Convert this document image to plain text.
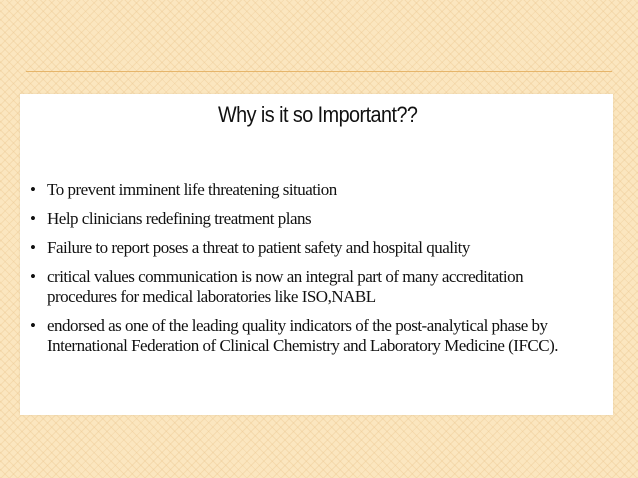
Why is it so Important??
• To prevent imminent life threatening situation
• Help clinicians redefining treatment plans
• Failure to report poses a threat to patient safety and hospital quality
• critical values communication is now an integral part of many accreditation
procedures for medical laboratories like ISO,NABL
• endorsed as one of the leading quality indicators of the post-analytical phase by
International Federation of Clinical Chemistry and Laboratory Medicine (IFCC).
